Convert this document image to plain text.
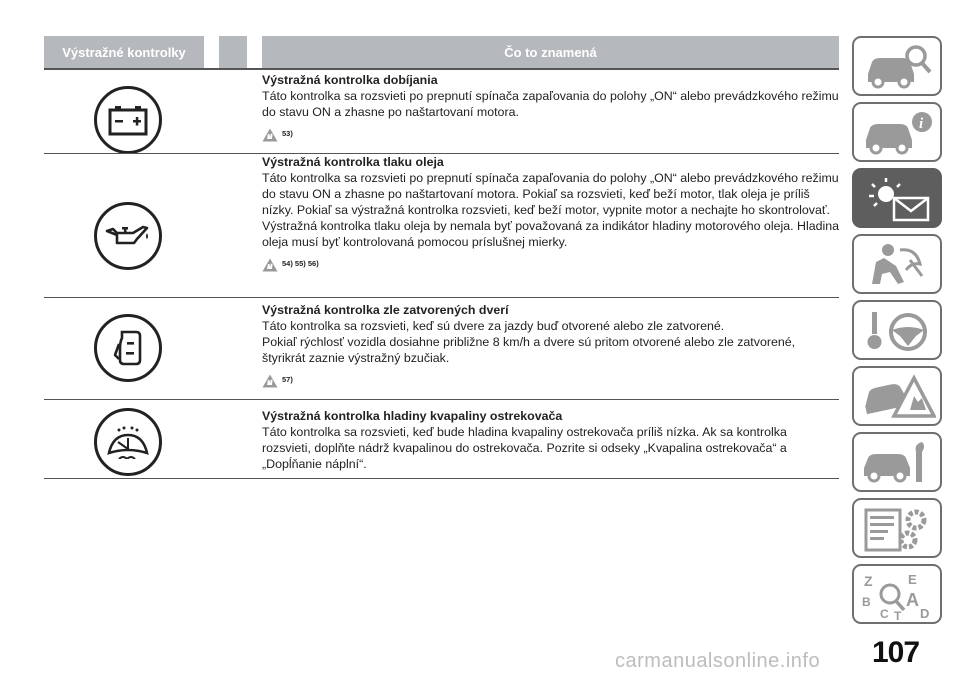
Výstražné kontrolky	Čo to znamená
Výstražná kontrolka dobíjania
Táto kontrolka sa rozsvieti po prepnutí spínača zapaľovania do polohy „ON“ alebo prevádzkového režimu do stavu ON a zhasne po naštartovaní motora.
53)
Výstražná kontrolka tlaku oleja
Táto kontrolka sa rozsvieti po prepnutí spínača zapaľovania do polohy „ON“ alebo prevádzkového režimu do stavu ON a zhasne po naštartovaní motora. Pokiaľ sa rozsvieti, keď beží motor, tlak oleja je príliš nízky. Pokiaľ sa výstražná kontrolka rozsvieti, keď beží motor, vypnite motor a nechajte ho skontrolovať.
Výstražná kontrolka tlaku oleja by nemala byť považovaná za indikátor hladiny motorového oleja. Hladina oleja musí byť kontrolovaná pomocou príslušnej mierky.
54) 55) 56)
Výstražná kontrolka zle zatvorených dverí
Táto kontrolka sa rozsvieti, keď sú dvere za jazdy buď otvorené alebo zle zatvorené.
Pokiaľ rýchlosť vozidla dosiahne približne 8 km/h a dvere sú pritom otvorené alebo zle zatvorené, štyrikrát zaznie výstražný bzučiak.
57)
Výstražná kontrolka hladiny kvapaliny ostrekovača
Táto kontrolka sa rozsvieti, keď bude hladina kvapaliny ostrekovača príliš nízka. Ak sa kontrolka rozsvieti, doplňte nádrž kvapalinou do ostrekovača. Pozrite si odseky „Kvapalina ostrekovača“ a „Dopĺňanie náplní“.
i
Z	E
B A
C D
T
107
carmanualsonline.info
